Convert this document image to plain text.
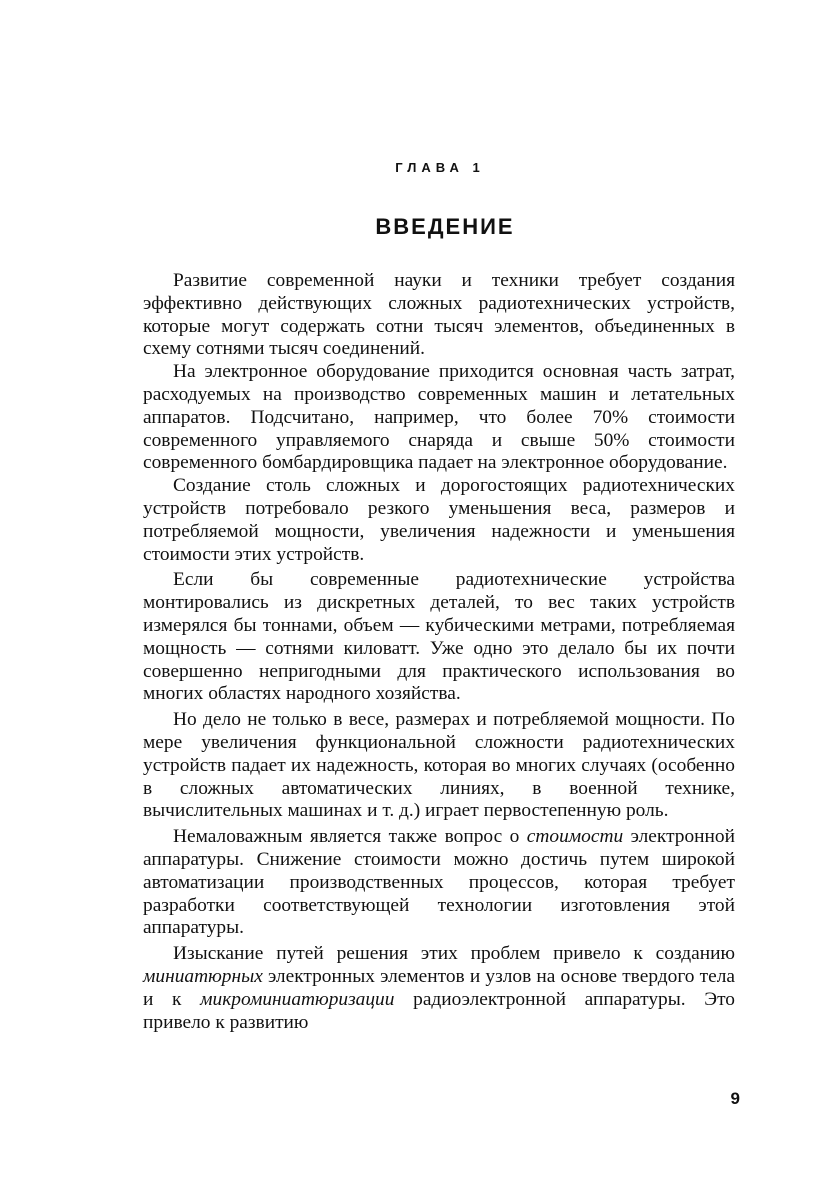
ГЛАВА 1
ВВЕДЕНИЕ

Развитие современной науки и техники требует создания эффективно действующих сложных радиотехнических устройств, которые могут содержать сотни тысяч элементов, объединенных в схему сотнями тысяч соединений.

На электронное оборудование приходится основная часть затрат, расходуемых на производство современных машин и летательных аппаратов. Подсчитано, например, что более 70% стоимости современного управляемого снаряда и свыше 50% стоимости современного бомбардировщика падает на электронное оборудование.

Создание столь сложных и дорогостоящих радиотехнических устройств потребовало резкого уменьшения веса, размеров и потребляемой мощности, увеличения надежности и уменьшения стоимости этих устройств.

Если бы современные радиотехнические устройства монтировались из дискретных деталей, то вес таких устройств измерялся бы тоннами, объем — кубическими метрами, потребляемая мощность — сотнями киловатт. Уже одно это делало бы их почти совершенно непригодными для практического использования во многих областях народного хозяйства.

Но дело не только в весе, размерах и потребляемой мощности. По мере увеличения функциональной сложности радиотехнических устройств падает их надежность, которая во многих случаях (особенно в сложных автоматических линиях, в военной технике, вычислительных машинах и т. д.) играет первостепенную роль.

Немаловажным является также вопрос о стоимости электронной аппаратуры. Снижение стоимости можно достичь путем широкой автоматизации производственных процессов, которая требует разработки соответствующей технологии изготовления этой аппаратуры.

Изыскание путей решения этих проблем привело к созданию миниатюрных электронных элементов и узлов на основе твердого тела и к микроминиатюризации радиоэлектронной аппаратуры. Это привело к развитию

9
